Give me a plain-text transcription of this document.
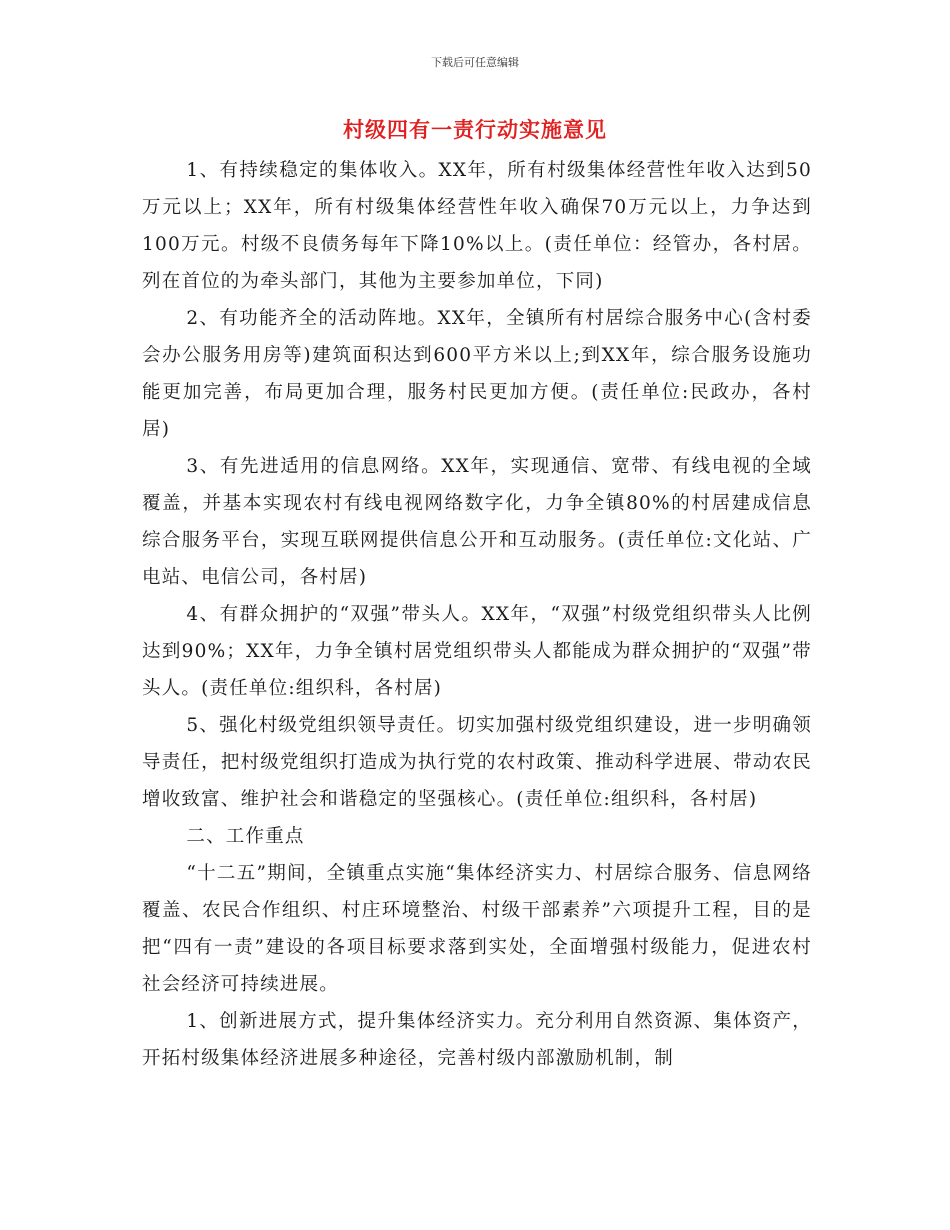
下载后可任意编辑
村级四有一责行动实施意见

1、有持续稳定的集体收入。XX年，所有村级集体经营性年收入达到50万元以上；XX年，所有村级集体经营性年收入确保70万元以上，力争达到100万元。村级不良债务每年下降10%以上。(责任单位：经管办，各村居。列在首位的为牵头部门，其他为主要参加单位，下同)

2、有功能齐全的活动阵地。XX年，全镇所有村居综合服务中心(含村委会办公服务用房等)建筑面积达到600平方米以上;到XX年，综合服务设施功能更加完善，布局更加合理，服务村民更加方便。(责任单位:民政办，各村居)

3、有先进适用的信息网络。XX年，实现通信、宽带、有线电视的全域覆盖，并基本实现农村有线电视网络数字化，力争全镇80%的村居建成信息综合服务平台，实现互联网提供信息公开和互动服务。(责任单位:文化站、广电站、电信公司，各村居)

4、有群众拥护的“双强”带头人。XX年，“双强”村级党组织带头人比例达到90%；XX年，力争全镇村居党组织带头人都能成为群众拥护的“双强”带头人。(责任单位:组织科，各村居)

5、强化村级党组织领导责任。切实加强村级党组织建设，进一步明确领导责任，把村级党组织打造成为执行党的农村政策、推动科学进展、带动农民增收致富、维护社会和谐稳定的坚强核心。(责任单位:组织科，各村居)

二、工作重点

“十二五”期间，全镇重点实施“集体经济实力、村居综合服务、信息网络覆盖、农民合作组织、村庄环境整治、村级干部素养”六项提升工程，目的是把“四有一责”建设的各项目标要求落到实处，全面增强村级能力，促进农村社会经济可持续进展。

1、创新进展方式，提升集体经济实力。充分利用自然资源、集体资产，开拓村级集体经济进展多种途径，完善村级内部激励机制，制
